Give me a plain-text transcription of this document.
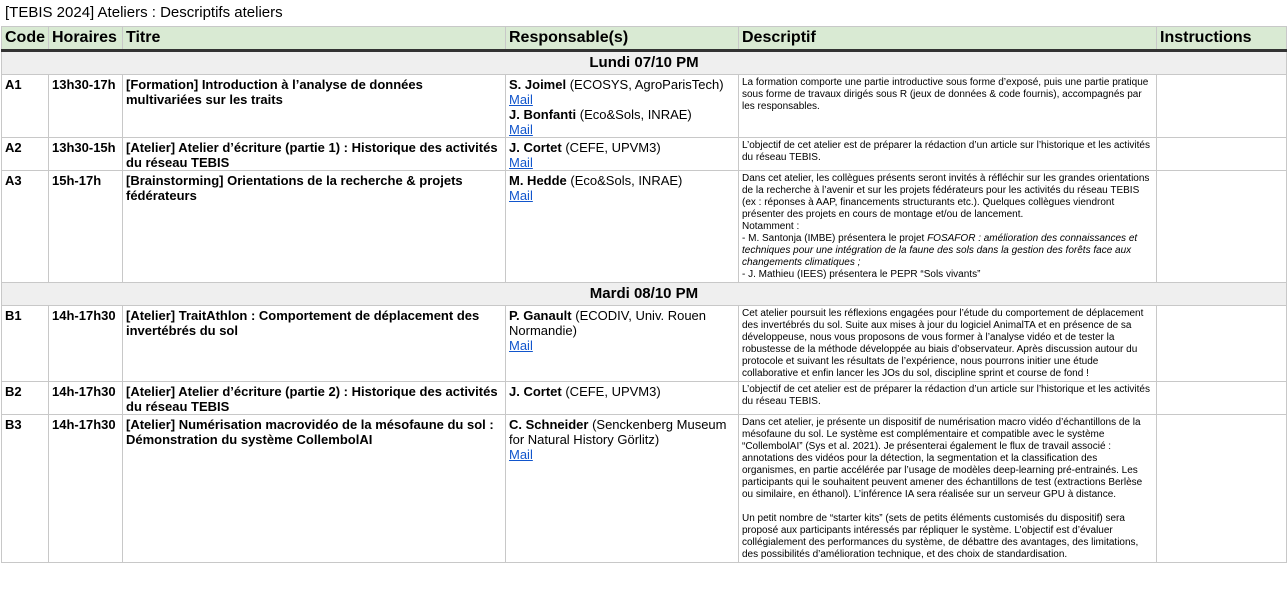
[TEBIS 2024] Ateliers : Descriptifs ateliers
Code	Horaires	Titre	Responsable(s)	Descriptif	Instructions
Lundi 07/10 PM					
A1	13h30-17h	[Formation] Introduction à l’analyse de données multivariées sur les traits	S. Joimel (ECOSYS, AgroParisTech)
Mail
J. Bonfanti (Eco&Sols, INRAE)
Mail	La formation comporte une partie introductive sous forme d’exposé, puis une partie pratique sous forme de travaux dirigés sous R (jeux de données & code fournis), accompagnés par les responsables.	
A2	13h30-15h	[Atelier] Atelier d’écriture (partie 1) : Historique des activités du réseau TEBIS	J. Cortet (CEFE, UPVM3)
Mail	L’objectif de cet atelier est de préparer la rédaction d’un article sur l’historique et les activités du réseau TEBIS.	
A3	15h-17h	[Brainstorming] Orientations de la recherche & projets fédérateurs	M. Hedde (Eco&Sols, INRAE)
Mail	Dans cet atelier, les collègues présents seront invités à réfléchir sur les grandes orientations de la recherche à l’avenir et sur les projets fédérateurs pour les activités du réseau TEBIS (ex : réponses à AAP, financements structurants etc.). Quelques collègues viendront présenter des projets en cours de montage et/ou de lancement.
Notamment :
- M. Santonja (IMBE) présentera le projet FOSAFOR : amélioration des connaissances et techniques pour une intégration de la faune des sols dans la gestion des forêts face aux changements climatiques ;
- J. Mathieu (IEES) présentera le PEPR “Sols vivants”	

Mardi 08/10 PM					
B1	14h-17h30	[Atelier] TraitAthlon : Comportement de déplacement des invertébrés du sol	P. Ganault (ECODIV, Univ. Rouen Normandie)
Mail	Cet atelier poursuit les réflexions engagées pour l’étude du comportement de déplacement des invertébrés du sol. Suite aux mises à jour du logiciel AnimalTA et en présence de sa développeuse, nous vous proposons de vous former à l’analyse vidéo et de tester la robustesse de la méthode développée au biais d’observateur. Après discussion autour du protocole et suivant les résultats de l’expérience, nous pourrons initier une étude collaborative et enfin lancer les JOs du sol, discipline sprint et course de fond !	
B2	14h-17h30	[Atelier] Atelier d’écriture (partie 2) : Historique des activités du réseau TEBIS	J. Cortet (CEFE, UPVM3)	L’objectif de cet atelier est de préparer la rédaction d’un article sur l’historique et les activités du réseau TEBIS.	
B3	14h-17h30	[Atelier] Numérisation macrovidéo de la mésofaune du sol : Démonstration du système CollembolAI	C. Schneider (Senckenberg Museum for Natural History Görlitz)
Mail	Dans cet atelier, je présente un dispositif de numérisation macro vidéo d’échantillons de la mésofaune du sol. Le système est complémentaire et compatible avec le système “CollembolAI” (Sys et al. 2021). Je présenterai également le flux de travail associé : annotations des vidéos pour la détection, la segmentation et la classification des organismes, en partie accélérée par l’usage de modèles deep-learning pré-entrainés. Les participants qui le souhaitent peuvent amener des échantillons de test (extractions Berlèse ou similaire, en éthanol). L’inférence IA sera réalisée sur un serveur GPU à distance.
Un petit nombre de “starter kits” (sets de petits éléments customisés du dispositif) sera proposé aux participants intéressés par répliquer le système. L’objectif est d’évaluer collégialement des performances du système, de débattre des avantages, des limitations, des possibilités d’amélioration technique, et des choix de standardisation.	
